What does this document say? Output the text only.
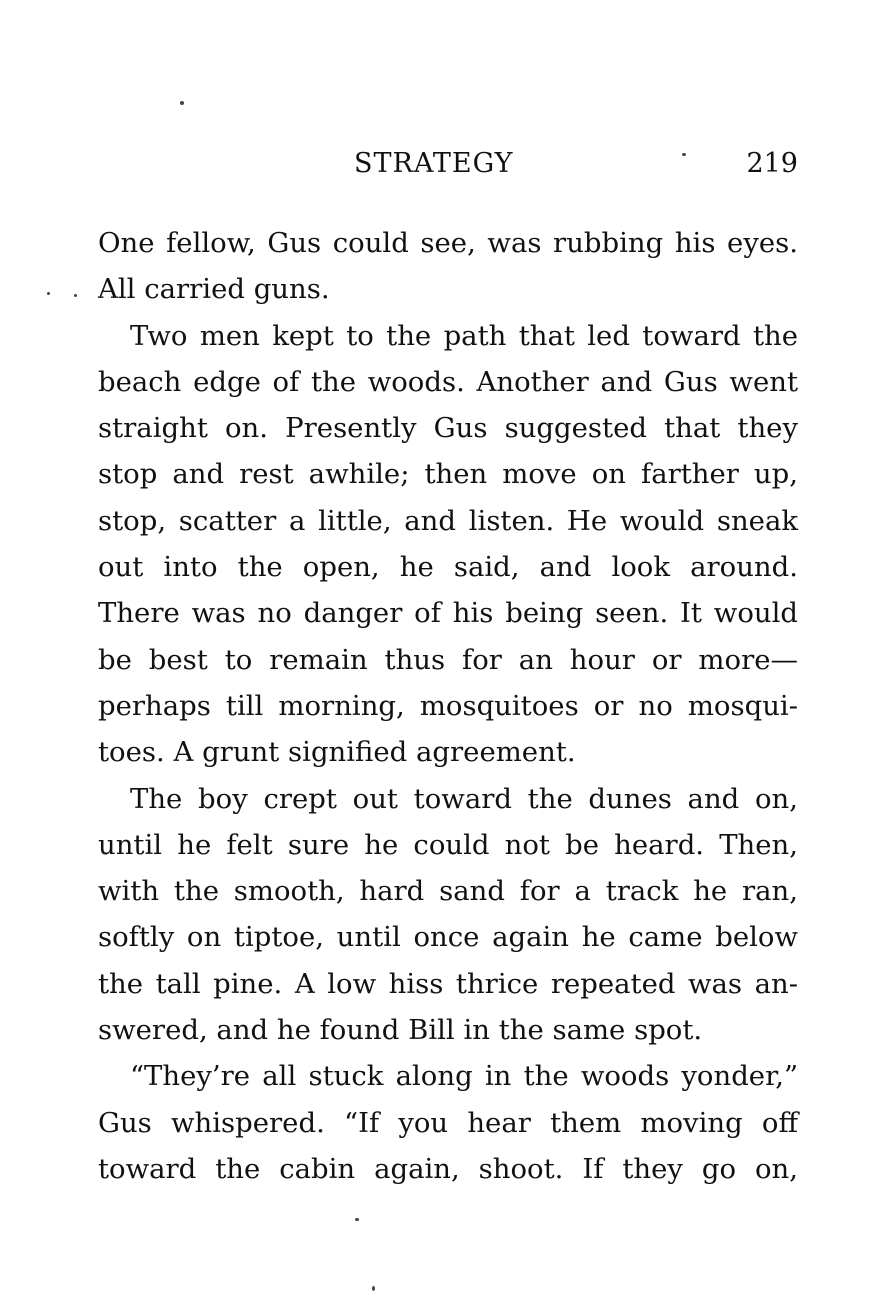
STRATEGY	219
One fellow, Gus could see, was rubbing his eyes.
All carried guns.
Two men kept to the path that led toward the
beach edge of the woods. Another and Gus went
straight on. Presently Gus suggested that they
stop and rest awhile; then move on farther up,
stop, scatter a little, and listen. He would sneak
out into the open, he said, and look around.
There was no danger of his being seen. It would
be best to remain thus for an hour or more—
perhaps till morning, mosquitoes or no mosqui-
toes. A grunt signified agreement.
The boy crept out toward the dunes and on,
until he felt sure he could not be heard. Then,
with the smooth, hard sand for a track he ran,
softly on tiptoe, until once again he came below
the tall pine. A low hiss thrice repeated was an-
swered, and he found Bill in the same spot.
“They’re all stuck along in the woods yonder,”
Gus whispered. “If you hear them moving off
toward the cabin again, shoot. If they go on,
